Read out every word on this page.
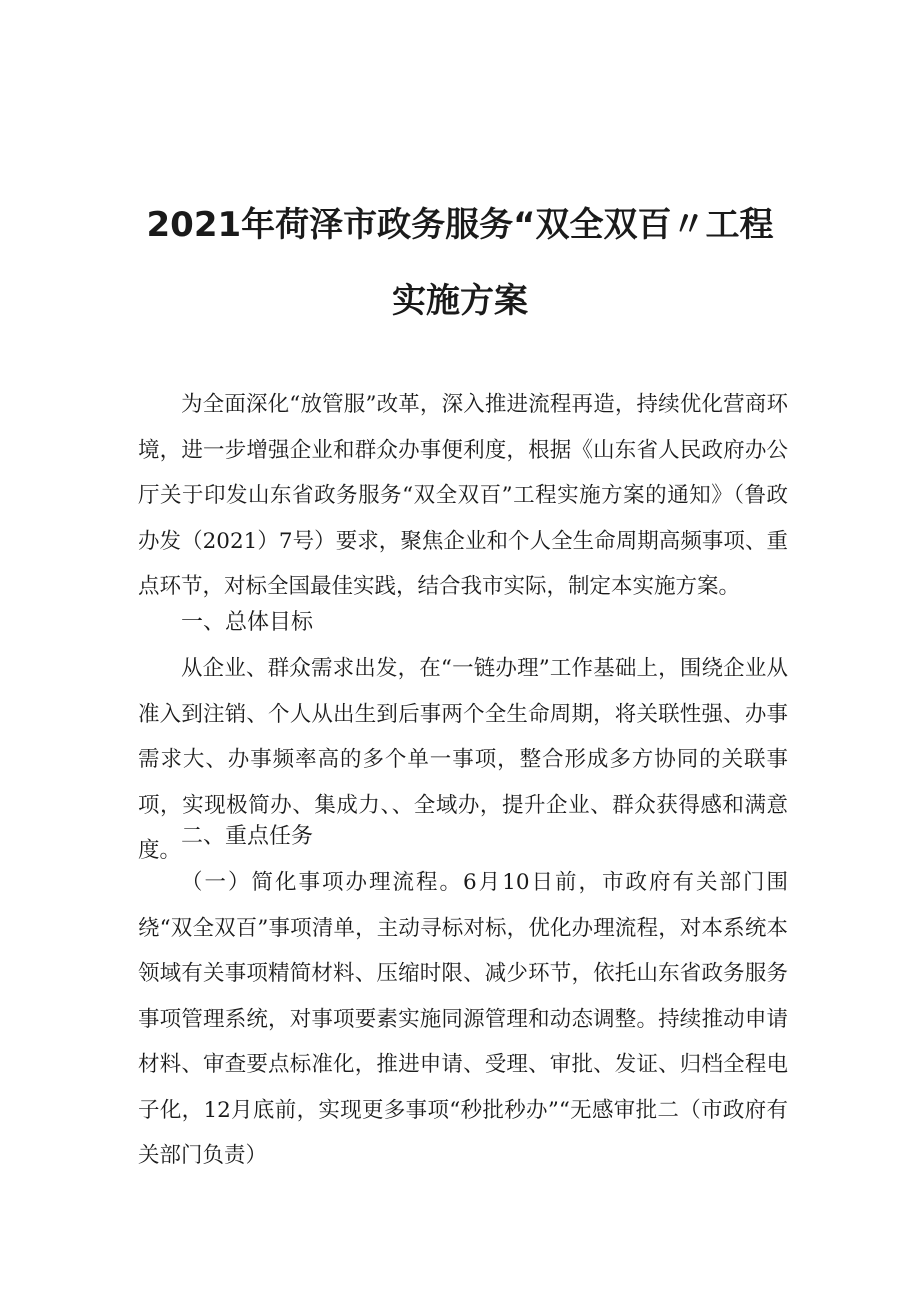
2021年荷泽市政务服务“双全双百〃工程
实施方案

为全面深化“放管服”改革，深入推进流程再造，持续优化营商环境，进一步增强企业和群众办事便利度，根据《山东省人民政府办公厅关于印发山东省政务服务“双全双百”工程实施方案的通知》（鲁政办发（2021）7号）要求，聚焦企业和个人全生命周期高频事项、重点环节，对标全国最佳实践，结合我市实际，制定本实施方案。

一、总体目标

从企业、群众需求出发，在“一链办理”工作基础上，围绕企业从准入到注销、个人从出生到后事两个全生命周期，将关联性强、办事需求大、办事频率高的多个单一事项，整合形成多方协同的关联事项，实现极简办、集成力、、全域办，提升企业、群众获得感和满意度。

二、重点任务

（一）简化事项办理流程。6月10日前，市政府有关部门围绕“双全双百”事项清单，主动寻标对标，优化办理流程，对本系统本领域有关事项精简材料、压缩时限、减少环节，依托山东省政务服务事项管理系统，对事项要素实施同源管理和动态调整。持续推动申请材料、审查要点标准化，推进申请、受理、审批、发证、归档全程电子化，12月底前，实现更多事项“秒批秒办”“无感审批二（市政府有关部门负责）
